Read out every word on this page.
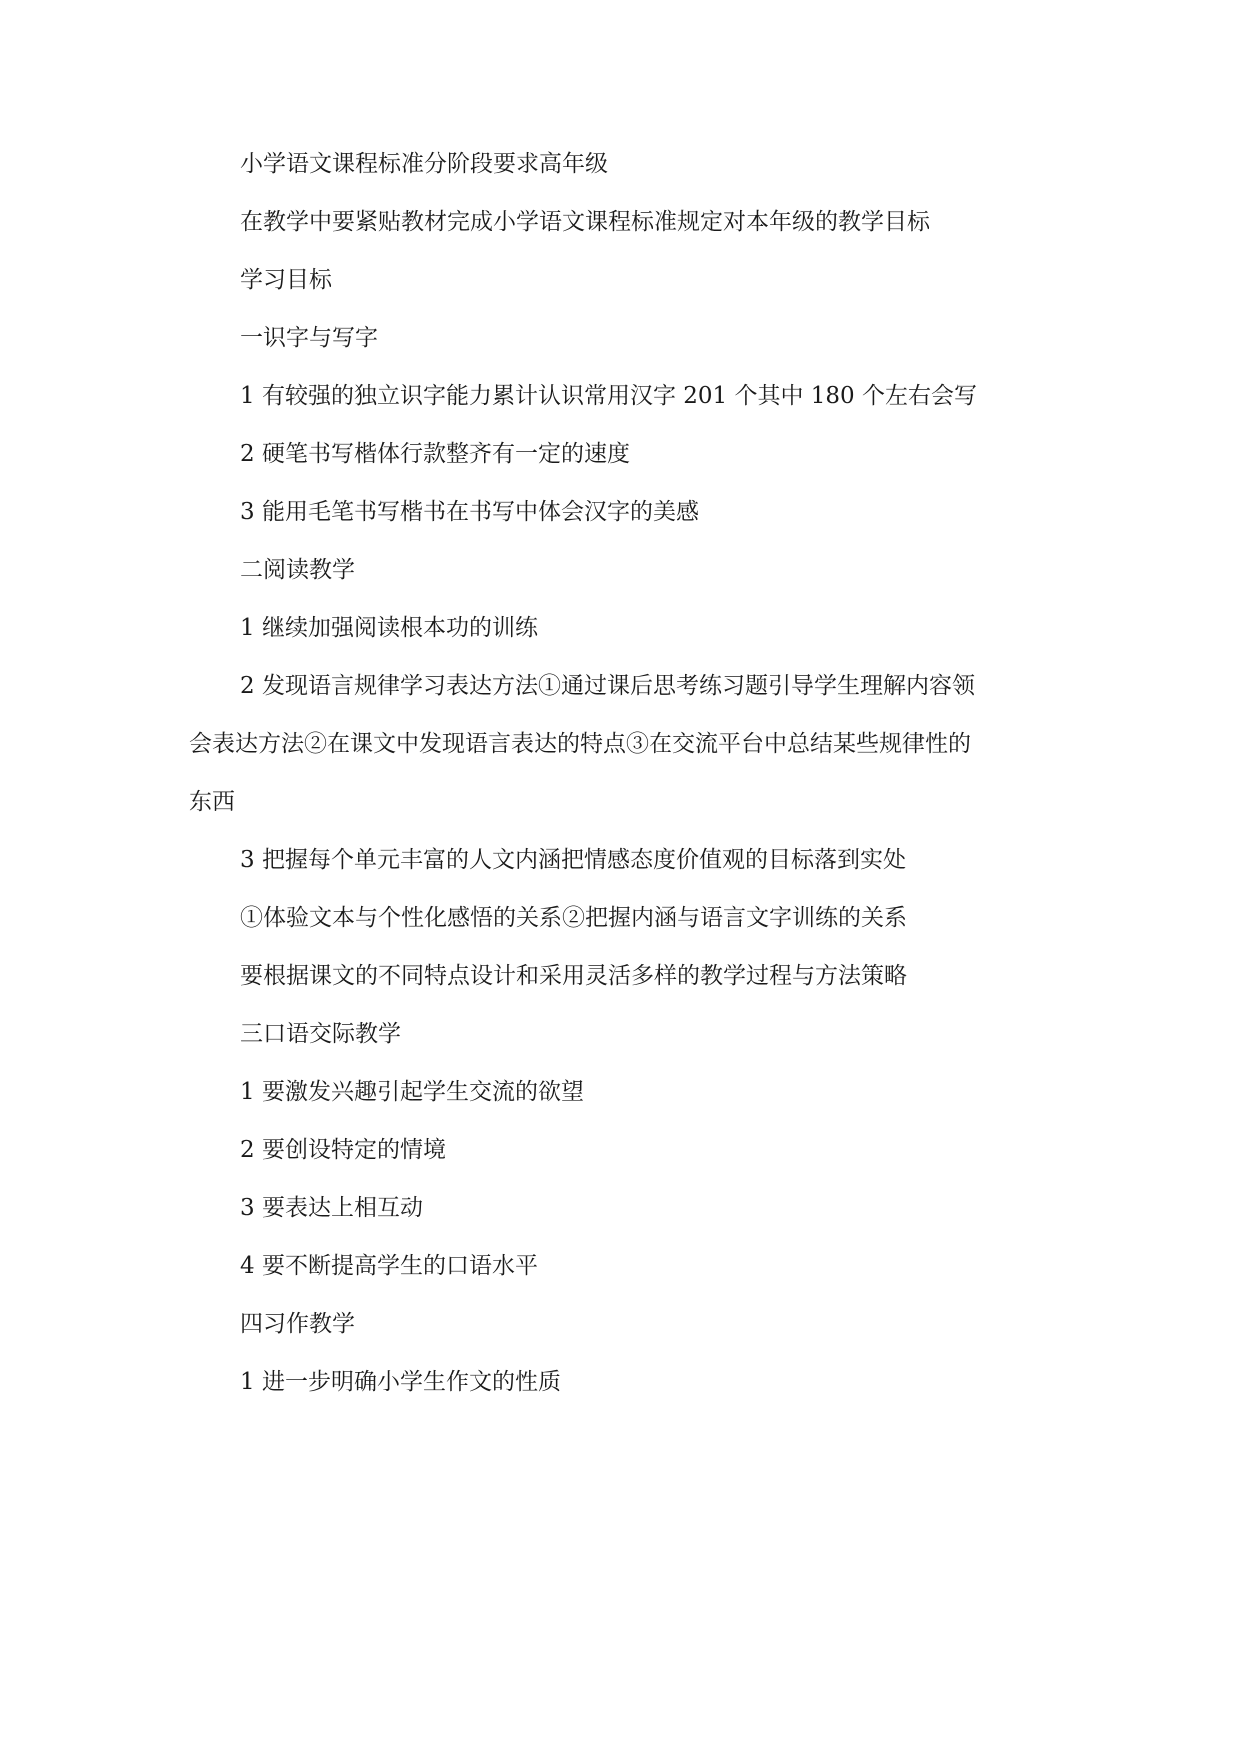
小学语文课程标准分阶段要求高年级
在教学中要紧贴教材完成小学语文课程标准规定对本年级的教学目标
学习目标
一识字与写字
1 有较强的独立识字能力累计认识常用汉字 201 个其中 180 个左右会写
2 硬笔书写楷体行款整齐有一定的速度
3 能用毛笔书写楷书在书写中体会汉字的美感
二阅读教学
1 继续加强阅读根本功的训练
2 发现语言规律学习表达方法①通过课后思考练习题引导学生理解内容领
会表达方法②在课文中发现语言表达的特点③在交流平台中总结某些规律性的
东西
3 把握每个单元丰富的人文内涵把情感态度价值观的目标落到实处
①体验文本与个性化感悟的关系②把握内涵与语言文字训练的关系
要根据课文的不同特点设计和采用灵活多样的教学过程与方法策略
三口语交际教学
1 要激发兴趣引起学生交流的欲望
2 要创设特定的情境
3 要表达上相互动
4 要不断提高学生的口语水平
四习作教学
1 进一步明确小学生作文的性质
